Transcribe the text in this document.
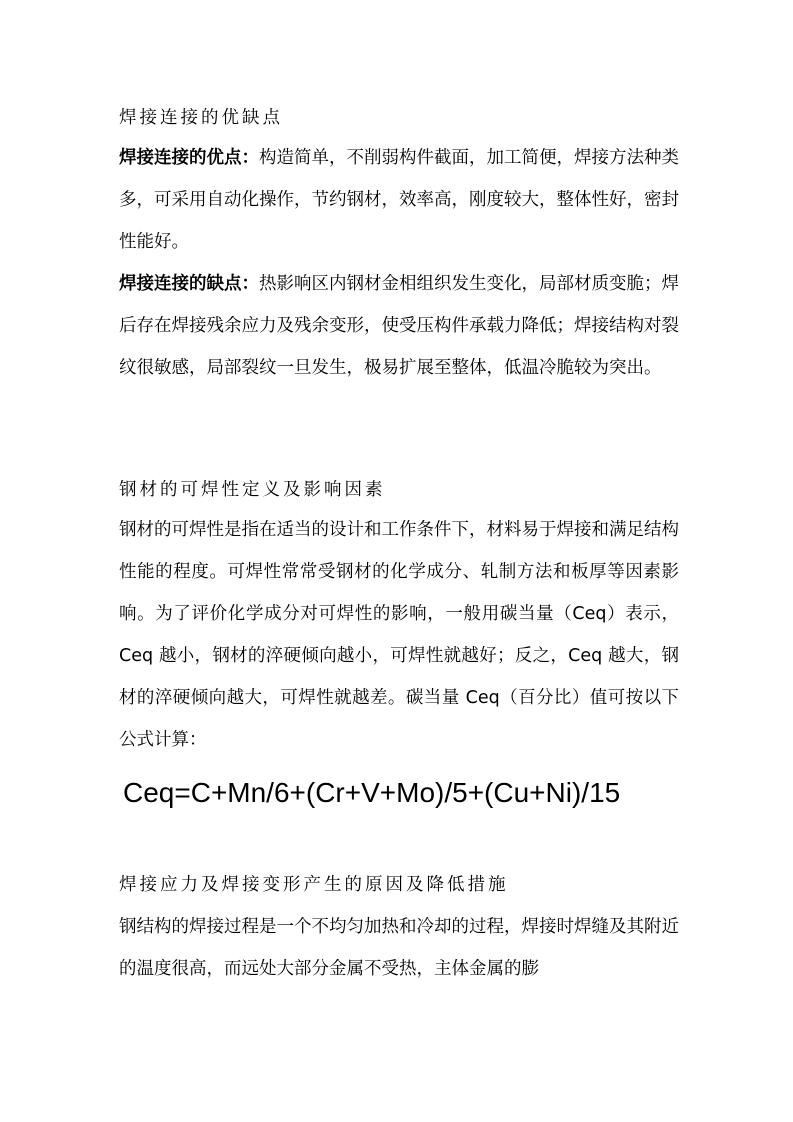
焊接连接的优缺点
焊接连接的优点：构造简单，不削弱构件截面，加工简便，焊接方法种类多，可采用自动化操作，节约钢材，效率高，刚度较大，整体性好，密封性能好。
焊接连接的缺点：热影响区内钢材金相组织发生变化，局部材质变脆；焊后存在焊接残余应力及残余变形，使受压构件承载力降低；焊接结构对裂纹很敏感，局部裂纹一旦发生，极易扩展至整体，低温冷脆较为突出。
钢材的可焊性定义及影响因素
钢材的可焊性是指在适当的设计和工作条件下，材料易于焊接和满足结构性能的程度。可焊性常常受钢材的化学成分、轧制方法和板厚等因素影响。为了评价化学成分对可焊性的影响，一般用碳当量（Ceq）表示，Ceq 越小，钢材的淬硬倾向越小，可焊性就越好；反之，Ceq 越大，钢材的淬硬倾向越大，可焊性就越差。碳当量 Ceq（百分比）值可按以下公式计算：
Ceq=C+Mn/6+(Cr+V+Mo)/5+(Cu+Ni)/15
焊接应力及焊接变形产生的原因及降低措施
钢结构的焊接过程是一个不均匀加热和冷却的过程，焊接时焊缝及其附近的温度很高，而远处大部分金属不受热，主体金属的膨
